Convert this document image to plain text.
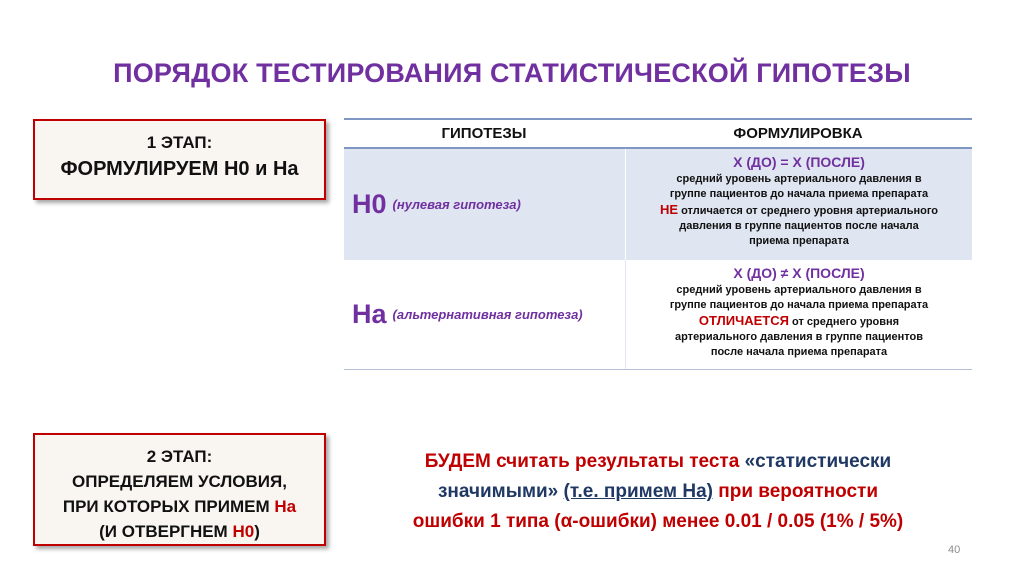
ПОРЯДОК ТЕСТИРОВАНИЯ СТАТИСТИЧЕСКОЙ ГИПОТЕЗЫ
1 ЭТАП:
ФОРМУЛИРУЕМ Н0 и На
ГИПОТЕЗЫ	ФОРМУЛИРОВКА
Н0 (нулевая гипотеза)
X (ДО) = X (ПОСЛЕ)
средний уровень артериального давления в
группе пациентов до начала приема препарата
НЕ отличается от среднего уровня артериального
давления в группе пациентов после начала
приема препарата
На (альтернативная гипотеза)
X (ДО) ≠ X (ПОСЛЕ)
средний уровень артериального давления в
группе пациентов до начала приема препарата
ОТЛИЧАЕТСЯ от среднего уровня
артериального давления в группе пациентов
после начала приема препарата
2 ЭТАП:
ОПРЕДЕЛЯЕМ УСЛОВИЯ,
ПРИ КОТОРЫХ ПРИМЕМ На
(И ОТВЕРГНЕМ Н0)
БУДЕМ считать результаты теста «статистически
значимыми» (т.е. примем На) при вероятности
ошибки 1 типа (α-ошибки) менее 0.01 / 0.05 (1% / 5%)
40
